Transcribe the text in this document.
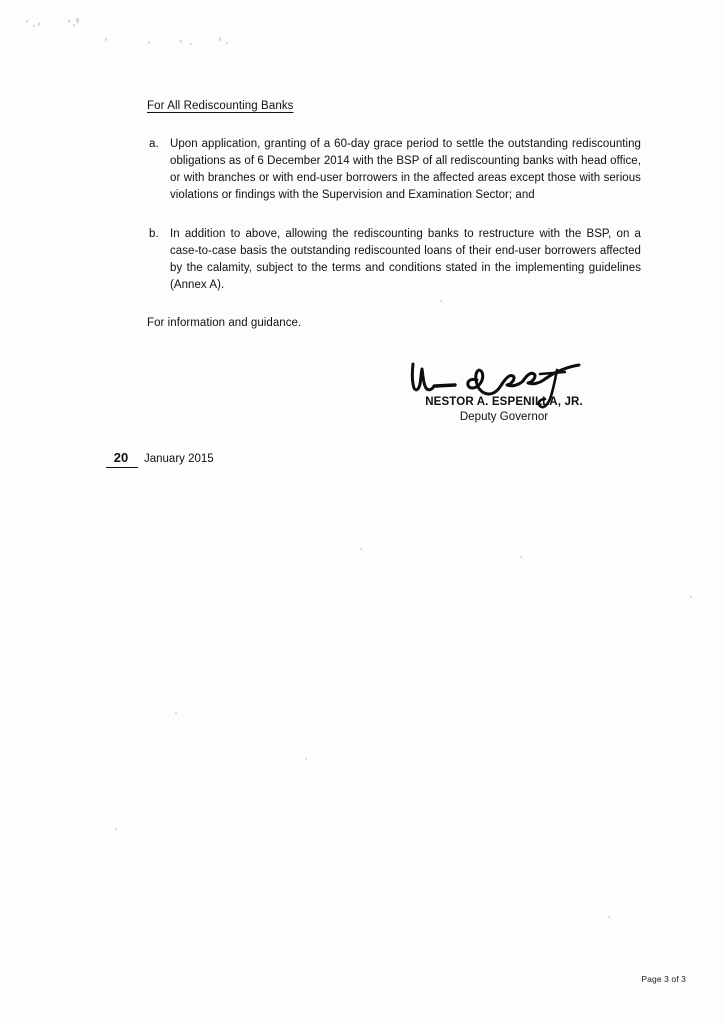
For All Rediscounting Banks

a. Upon application, granting of a 60-day grace period to settle the outstanding rediscounting obligations as of 6 December 2014 with the BSP of all rediscounting banks with head office, or with branches or with end-user borrowers in the affected areas except those with serious violations or findings with the Supervision and Examination Sector; and
b. In addition to above, allowing the rediscounting banks to restructure with the BSP, on a case-to-case basis the outstanding rediscounted loans of their end-user borrowers affected by the calamity, subject to the terms and conditions stated in the implementing guidelines (Annex A).

For information and guidance.

NESTOR A. ESPENILLA, JR.
Deputy Governor
20	January 2015
Page 3 of 3
